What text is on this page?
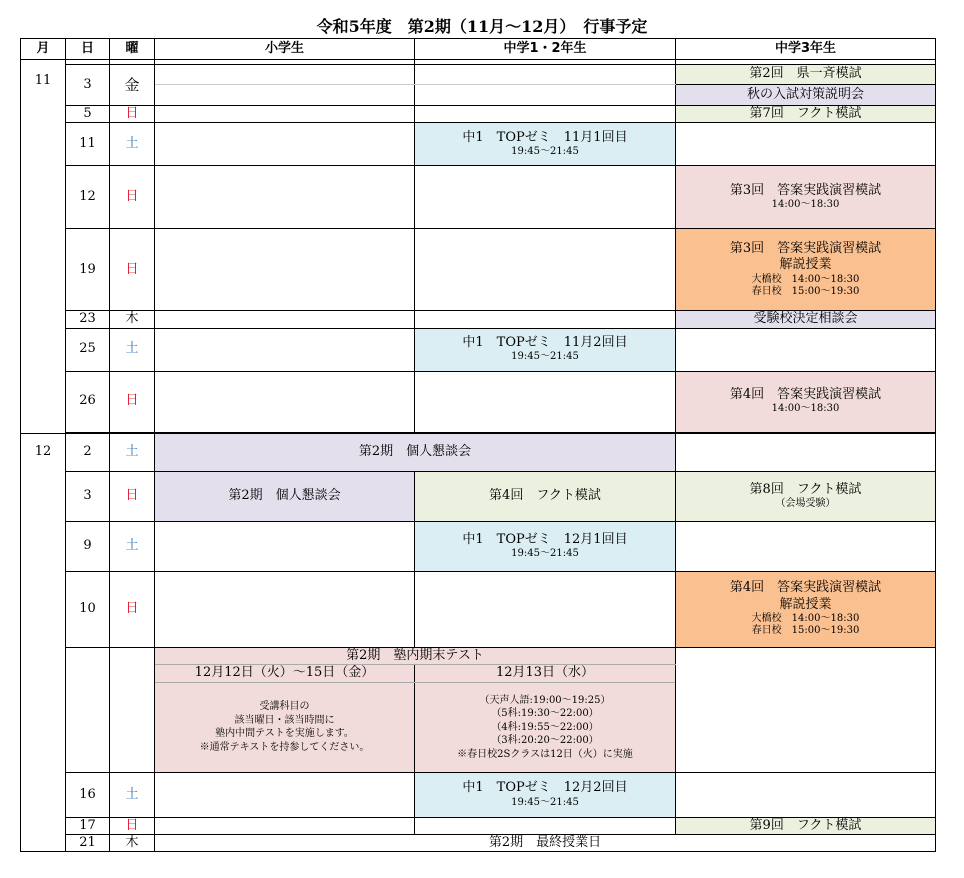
令和5年度　第2期（11月～12月）　行事予定
月	日	曜	小学生	中学1・2年生	中学3年生

11	3	金			第2回　県一斉模試
					秋の入試対策説明会
	5	日			第7回　フクト模試
	11	土		中1　TOPゼミ　11月1回目
19:45～21:45	

	12	日			第3回　答案実践演習模試
14:00～18:30

	19	日			第3回　答案実践演習模試
解説授業
大橋校　14:00～18:30
春日校　15:00～19:30

	23	木			受験校決定相談会
	25	土		中1　TOPゼミ　11月2回目
19:45～21:45	

	26	日			第4回　答案実践演習模試
14:00～18:30

12	2	土	第2期　個人懇談会		
	3	日	第2期　個人懇談会	第4回　フクト模試	第8回　フクト模試
（会場受験）

	9	土		中1　TOPゼミ　12月1回目
19:45～21:45	

	10	日			第4回　答案実践演習模試
解説授業
大橋校　14:00～18:30
春日校　15:00～19:30

			第2期　塾内期末テスト		
			12月12日（火）～15日（金）	12月13日（水）	

			受講科目の
該当曜日・該当時間に
塾内中間テストを実施します。
※通常テキストを持参してください。	（天声人語:19:00～19:25）
（5科:19:30～22:00）
（4科:19:55～22:00）
（3科:20:20～22:00）
※春日校2Sクラスは12日（火）に実施	

	16	土		中1　TOPゼミ　12月2回目
19:45～21:45	

	17	日			第9回　フクト模試
	21	木	第2期　最終授業日		
